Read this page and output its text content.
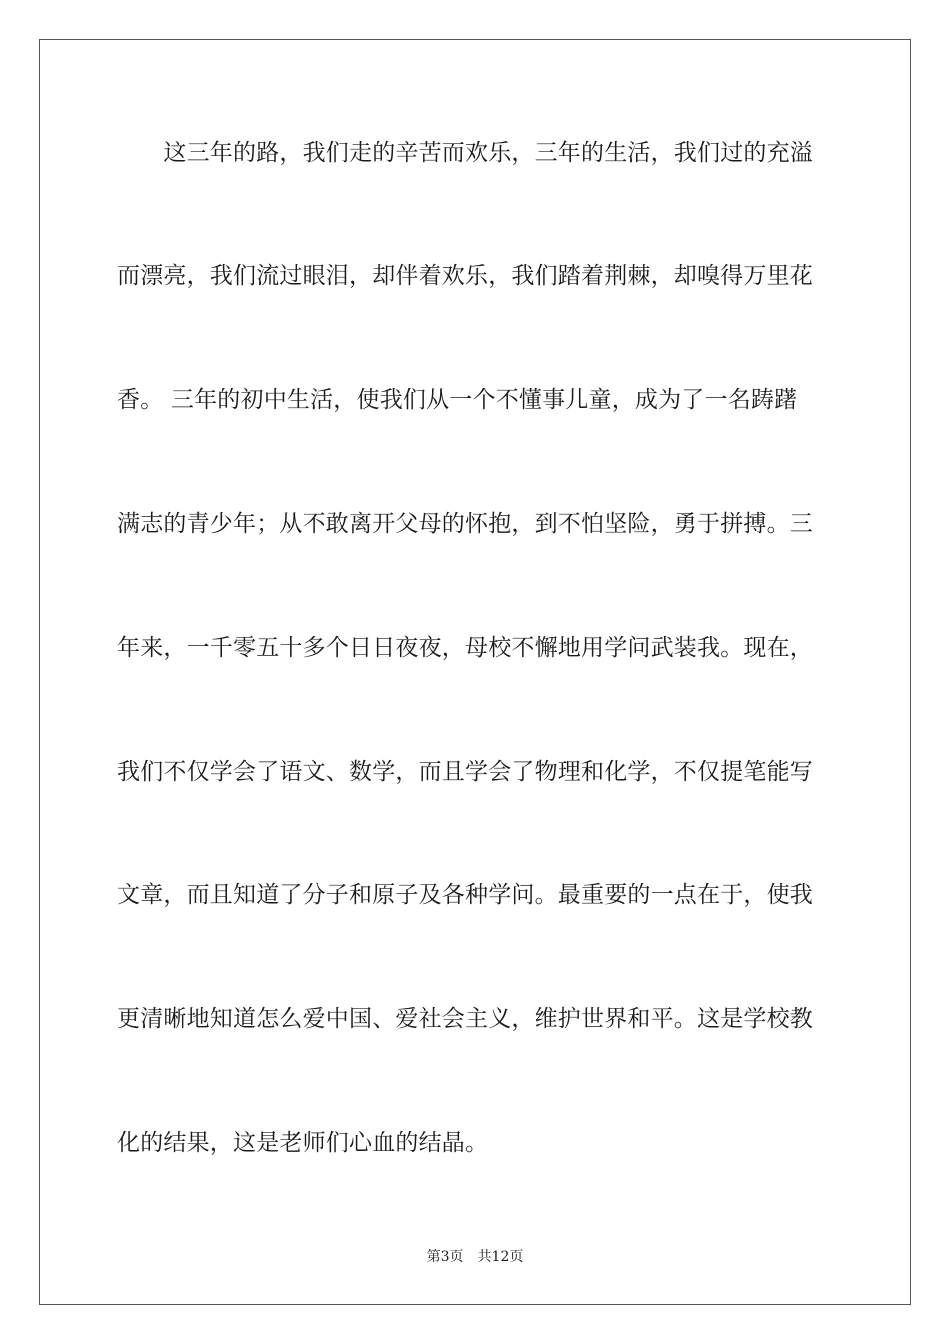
　　这三年的路，我们走的辛苦而欢乐，三年的生活，我们过的充溢
而漂亮，我们流过眼泪，却伴着欢乐，我们踏着荆棘，却嗅得万里花
香。 三年的初中生活，使我们从一个不懂事儿童，成为了一名踌躇
满志的青少年；从不敢离开父母的怀抱，到不怕坚险，勇于拼搏。三
年来，一千零五十多个日日夜夜，母校不懈地用学问武装我。现在，
我们不仅学会了语文、数学，而且学会了物理和化学，不仅提笔能写
文章，而且知道了分子和原子及各种学问。最重要的一点在于，使我
更清晰地知道怎么爱中国、爱社会主义，维护世界和平。这是学校教
化的结果，这是老师们心血的结晶。
第3页　共12页
